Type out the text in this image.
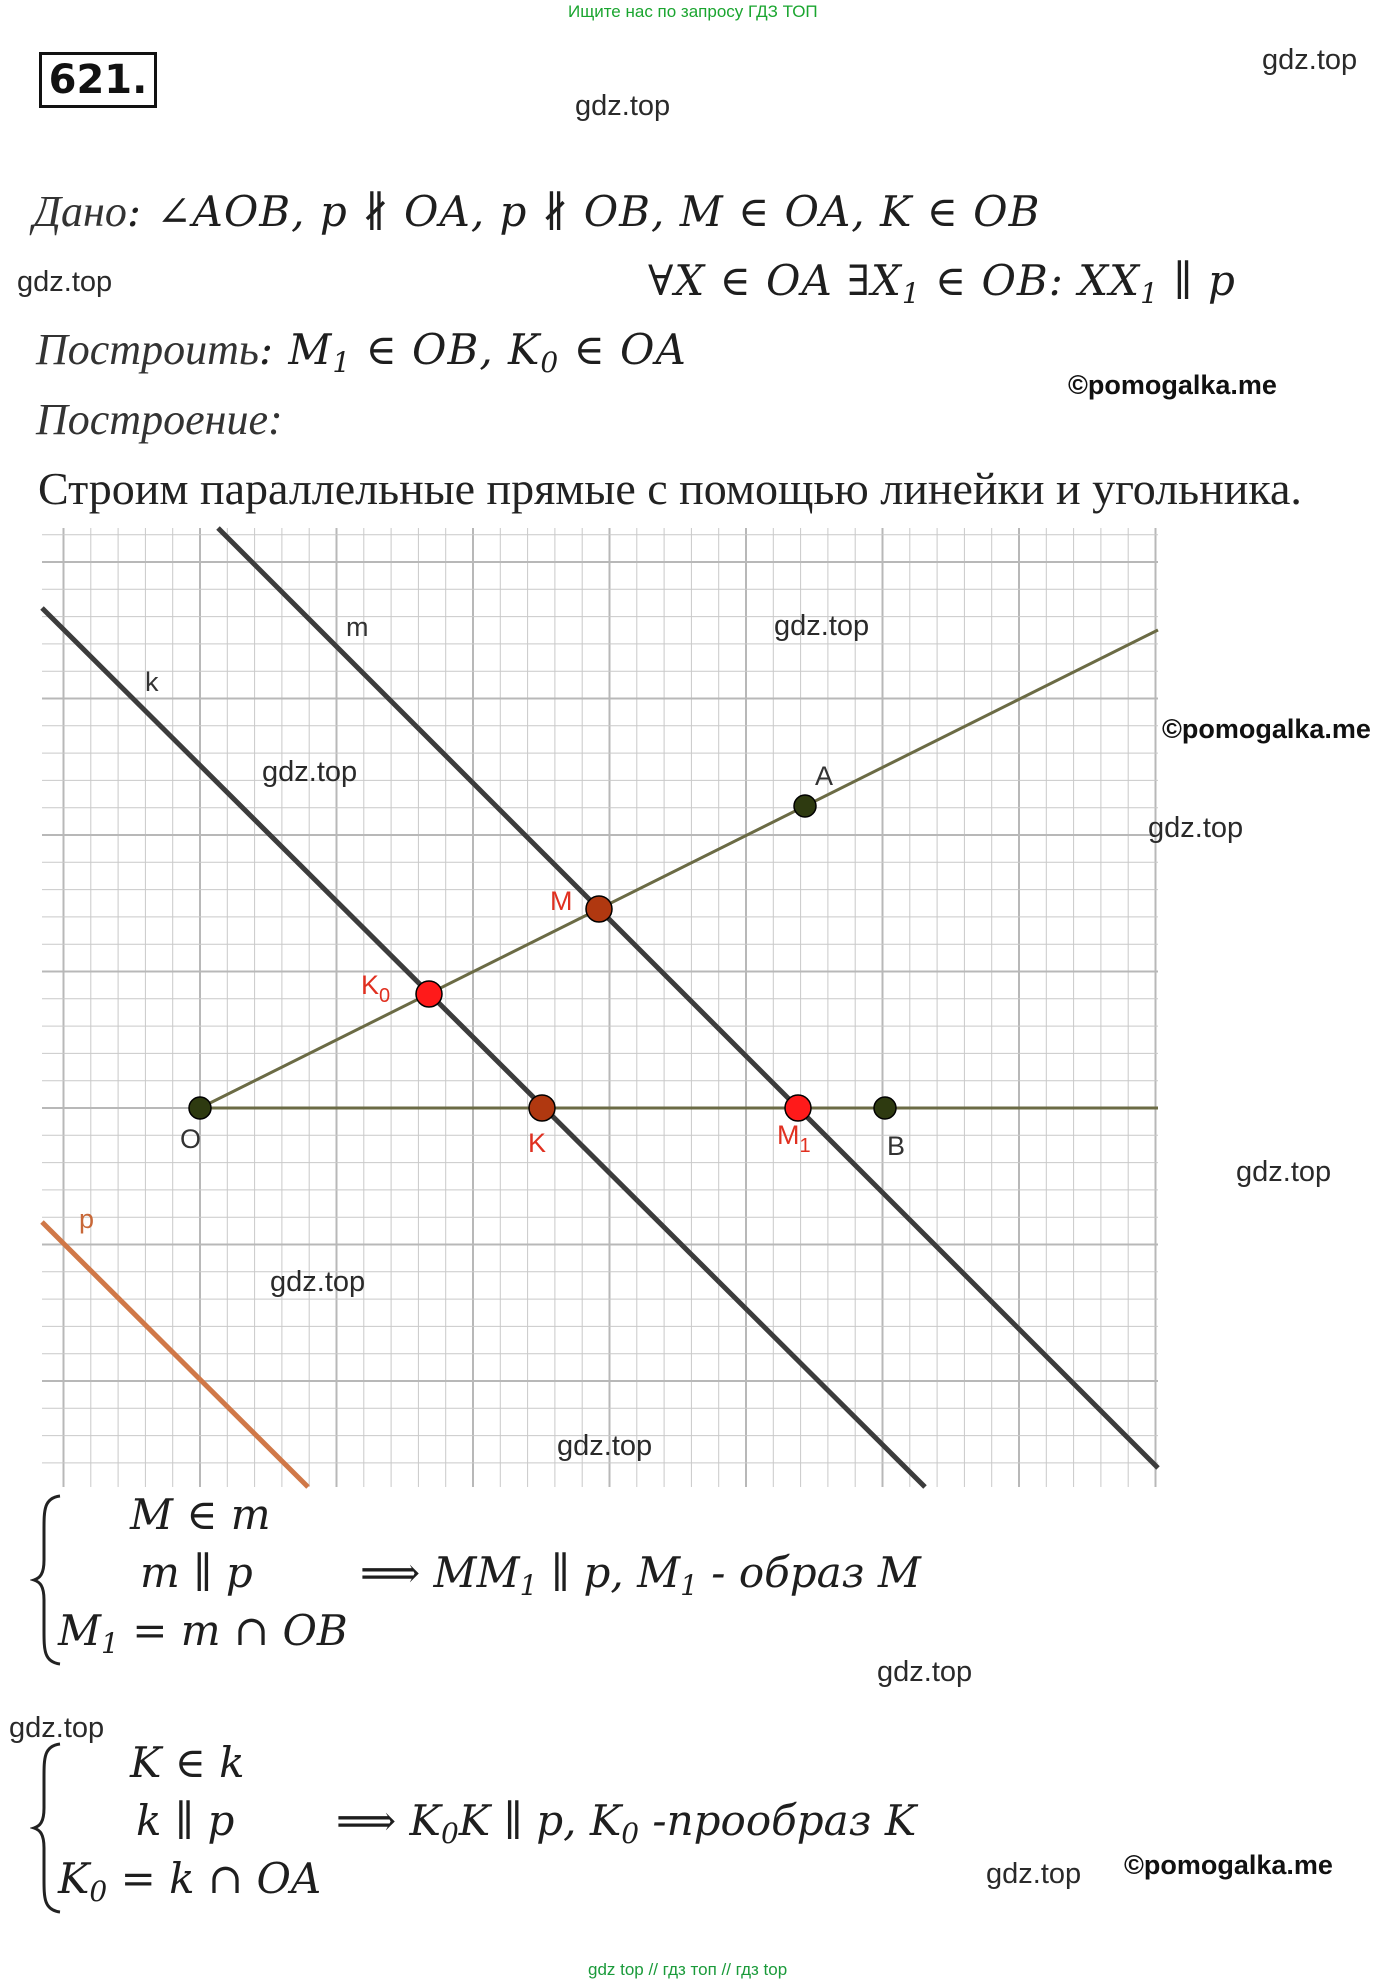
Ищите нас по запросу ГДЗ ТОП
621.	gdz.top
gdz.top
gdz.top
©pomogalka.me
Дано: ∠AOB, p ∦ OA, p ∦ OB, M ∈ OA, K ∈ OB
∀X ∈ OA $\exists X_1$ ∈ OB: $XX_1$ ∥ p
Построить: M1 ∈ OB, K0 ∈ OA
Построение:
Строим параллельные прямые с помощью линейки и угольника.
m
k
p
O
A
B
M
K
$K_0$
$M_1$
gdz.top
©pomogalka.me
gdz.top
gdz.top
gdz.top
gdz.top
gdz.top
M ∈ m
m ∥ p
$M_1 = m$ ∩ OB
⟹ $MM_1$ ∥ p, $M_1$ - образ M
gdz.top
gdz.top
K ∈ k
k ∥ p
$K_0 = k$ ∩ OA
⟹ $K_0K$ ∥ p, $K_0$ -прообраз K
gdz.top ©pomogalka.me
gdz top // гдз топ // гдз top
